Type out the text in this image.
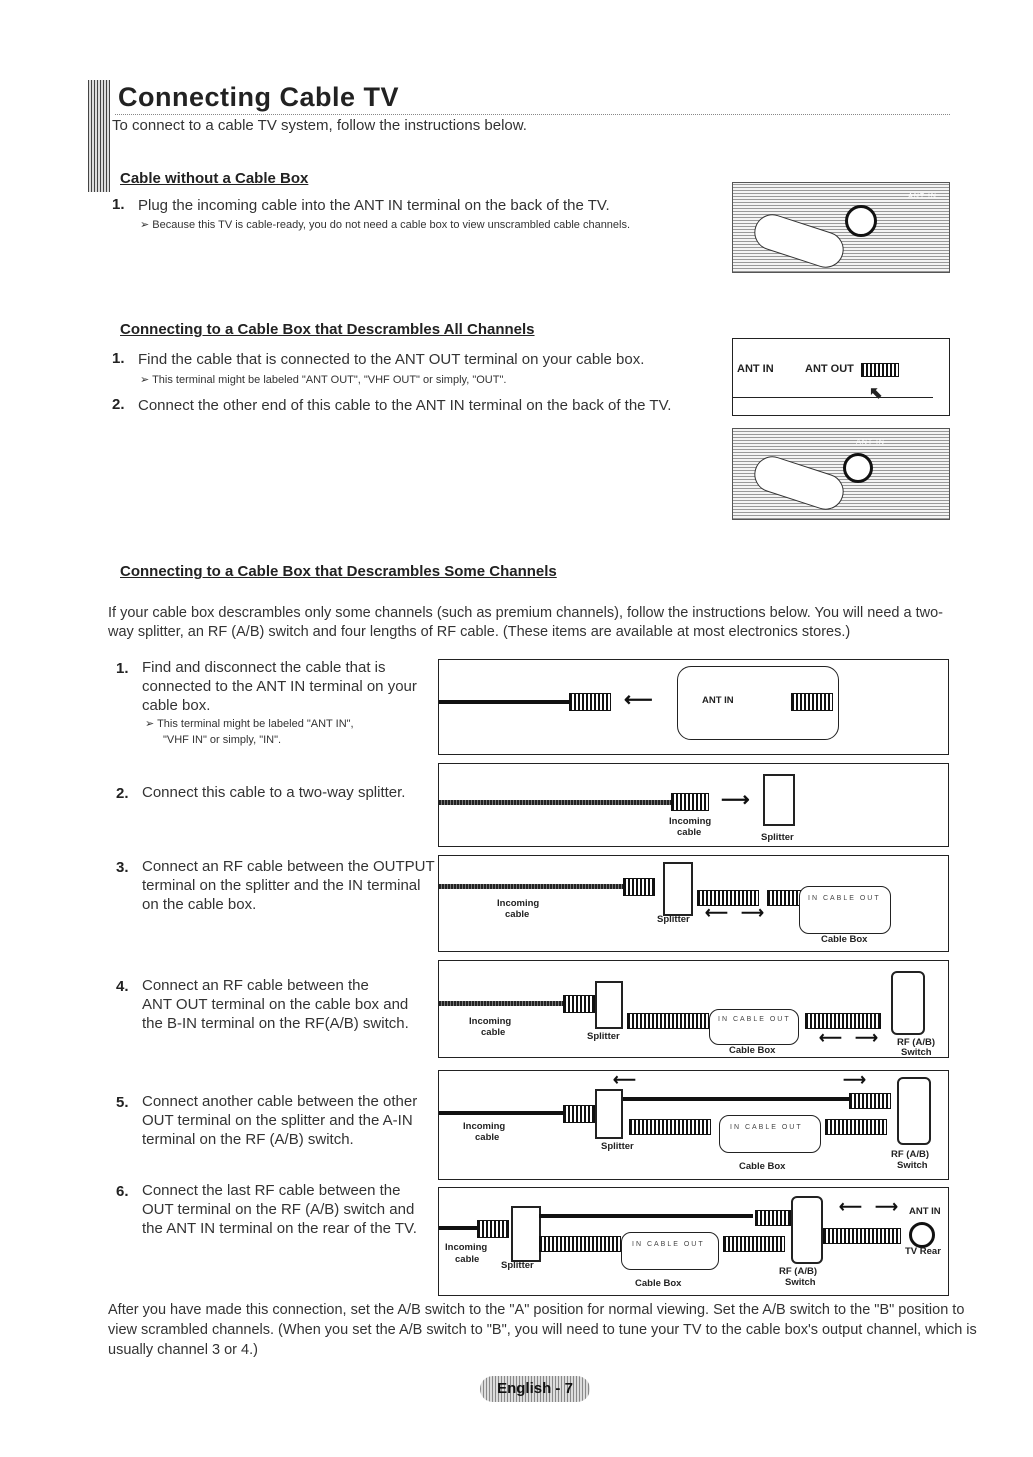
Connecting Cable TV
To connect to a cable TV system, follow the instructions below.
Cable without a Cable Box
1. Plug the incoming cable into the ANT IN terminal on the back of the TV.
➢ Because this TV is cable-ready, you do not need a cable box to view unscrambled cable channels.
ANT IN
Connecting to a Cable Box that Descrambles All Channels
1. Find the cable that is connected to the ANT OUT terminal on your cable box.
➢ This terminal might be labeled "ANT OUT", "VHF OUT" or simply, "OUT".
2. Connect the other end of this cable to the ANT IN terminal on the back of the TV.
ANT IN	ANT OUT
⬉
ANT IN
Connecting to a Cable Box that Descrambles Some Channels
If your cable box descrambles only some channels (such as premium channels), follow the instructions below. You will need a two-
way splitter, an RF (A/B) switch and four lengths of RF cable. (These items are available at most electronics stores.)
1. Find and disconnect the cable that is
connected to the ANT IN terminal on your
cable box.
➢ This terminal might be labeled "ANT IN",
"VHF IN" or simply, "IN".
⟵	ANT IN
2. Connect this cable to a two-way splitter.	⟶
Incoming
cable	Splitter
3. Connect an RF cable between the OUTPUT
terminal on the splitter and the IN terminal
on the cable box.	IN CABLE OUT
Incoming
cable	Splitter ⟵ ⟶
Cable Box
4. Connect an RF cable between the
ANT OUT terminal on the cable box and
the B-IN terminal on the RF(A/B) switch.	IN CABLE OUT
Incoming
cable	Splitter	⟵ ⟶
Cable Box
RF (A/B)
Switch
5. Connect another cable between the other
OUT terminal on the splitter and the A-IN
terminal on the RF (A/B) switch.
⟵	⟶
IN CABLE OUT
Incoming
cable
Splitter
Cable Box
RF (A/B)
Switch
6. Connect the last RF cable between the
OUT terminal on the RF (A/B) switch and
the ANT IN terminal on the rear of the TV.
IN CABLE OUT
⟵ ⟶ ANT IN
TV Rear
Incoming
cable
Splitter
Cable Box
RF (A/B)
Switch
After you have made this connection, set the A/B switch to the "A" position for normal viewing. Set the A/B switch to the "B" position to
view scrambled channels. (When you set the A/B switch to "B", you will need to tune your TV to the cable box's output channel, which is
usually channel 3 or 4.)
English - 7
